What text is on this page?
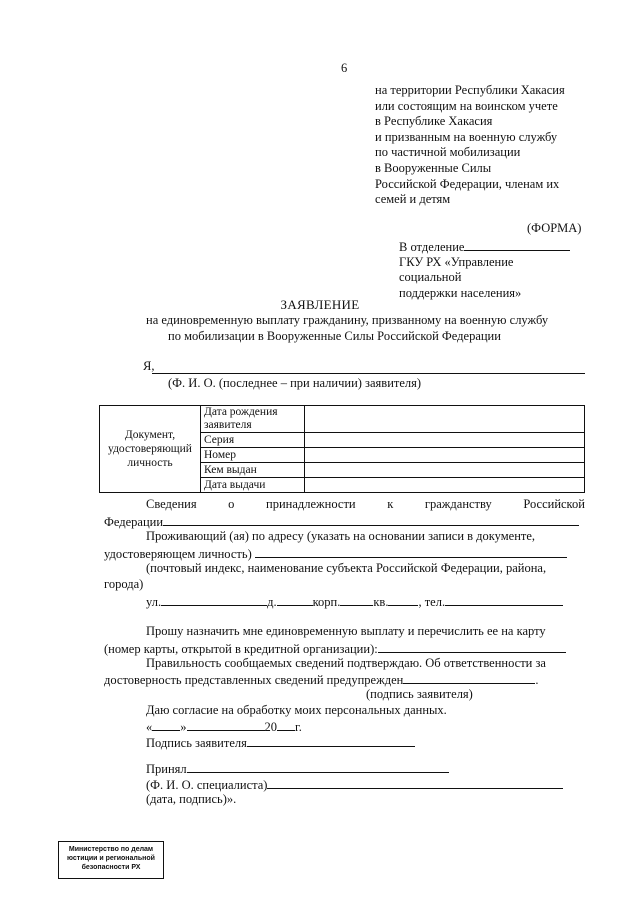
6
на территории Республики Хакасия
или состоящим на воинском учете
в Республике Хакасия
и призванным на военную службу
по частичной мобилизации
в Вооруженные Силы
Российской Федерации, членам их
семей и детям
(ФОРМА)
В отделение
ГКУ РХ «Управление
социальной
поддержки населения»
ЗАЯВЛЕНИЕ
на единовременную выплату гражданину, призванному на военную службу
по мобилизации в Вооруженные Силы Российской Федерации
Я,
(Ф. И. О. (последнее – при наличии) заявителя)
Документ, удостоверяющий личность	Дата рождения заявителя	

	Серия	
	Номер	
	Кем выдан	
	Дата выдачи	
Сведения	о	принадлежности	к	гражданству	Российской
Федерации
Проживающий (ая) по адресу (указать на основании записи в документе,
удостоверяющем личность)
(почтовый индекс, наименование субъекта Российской Федерации, района,
города)
ул.	д.	корп.	кв. , тел.
Прошу назначить мне единовременную выплату и перечислить ее на карту
(номер карты, открытой в кредитной организации):
Правильность сообщаемых сведений подтверждаю. Об ответственности за
достоверность представленных сведений предупрежден	.
(подпись заявителя)
Даю согласие на обработку моих персональных данных.
« »	20 г.
Подпись заявителя
Принял
(Ф. И. О. специалиста)
(дата, подпись)».
Министерство по делам
юстиции и региональной
безопасности РХ
